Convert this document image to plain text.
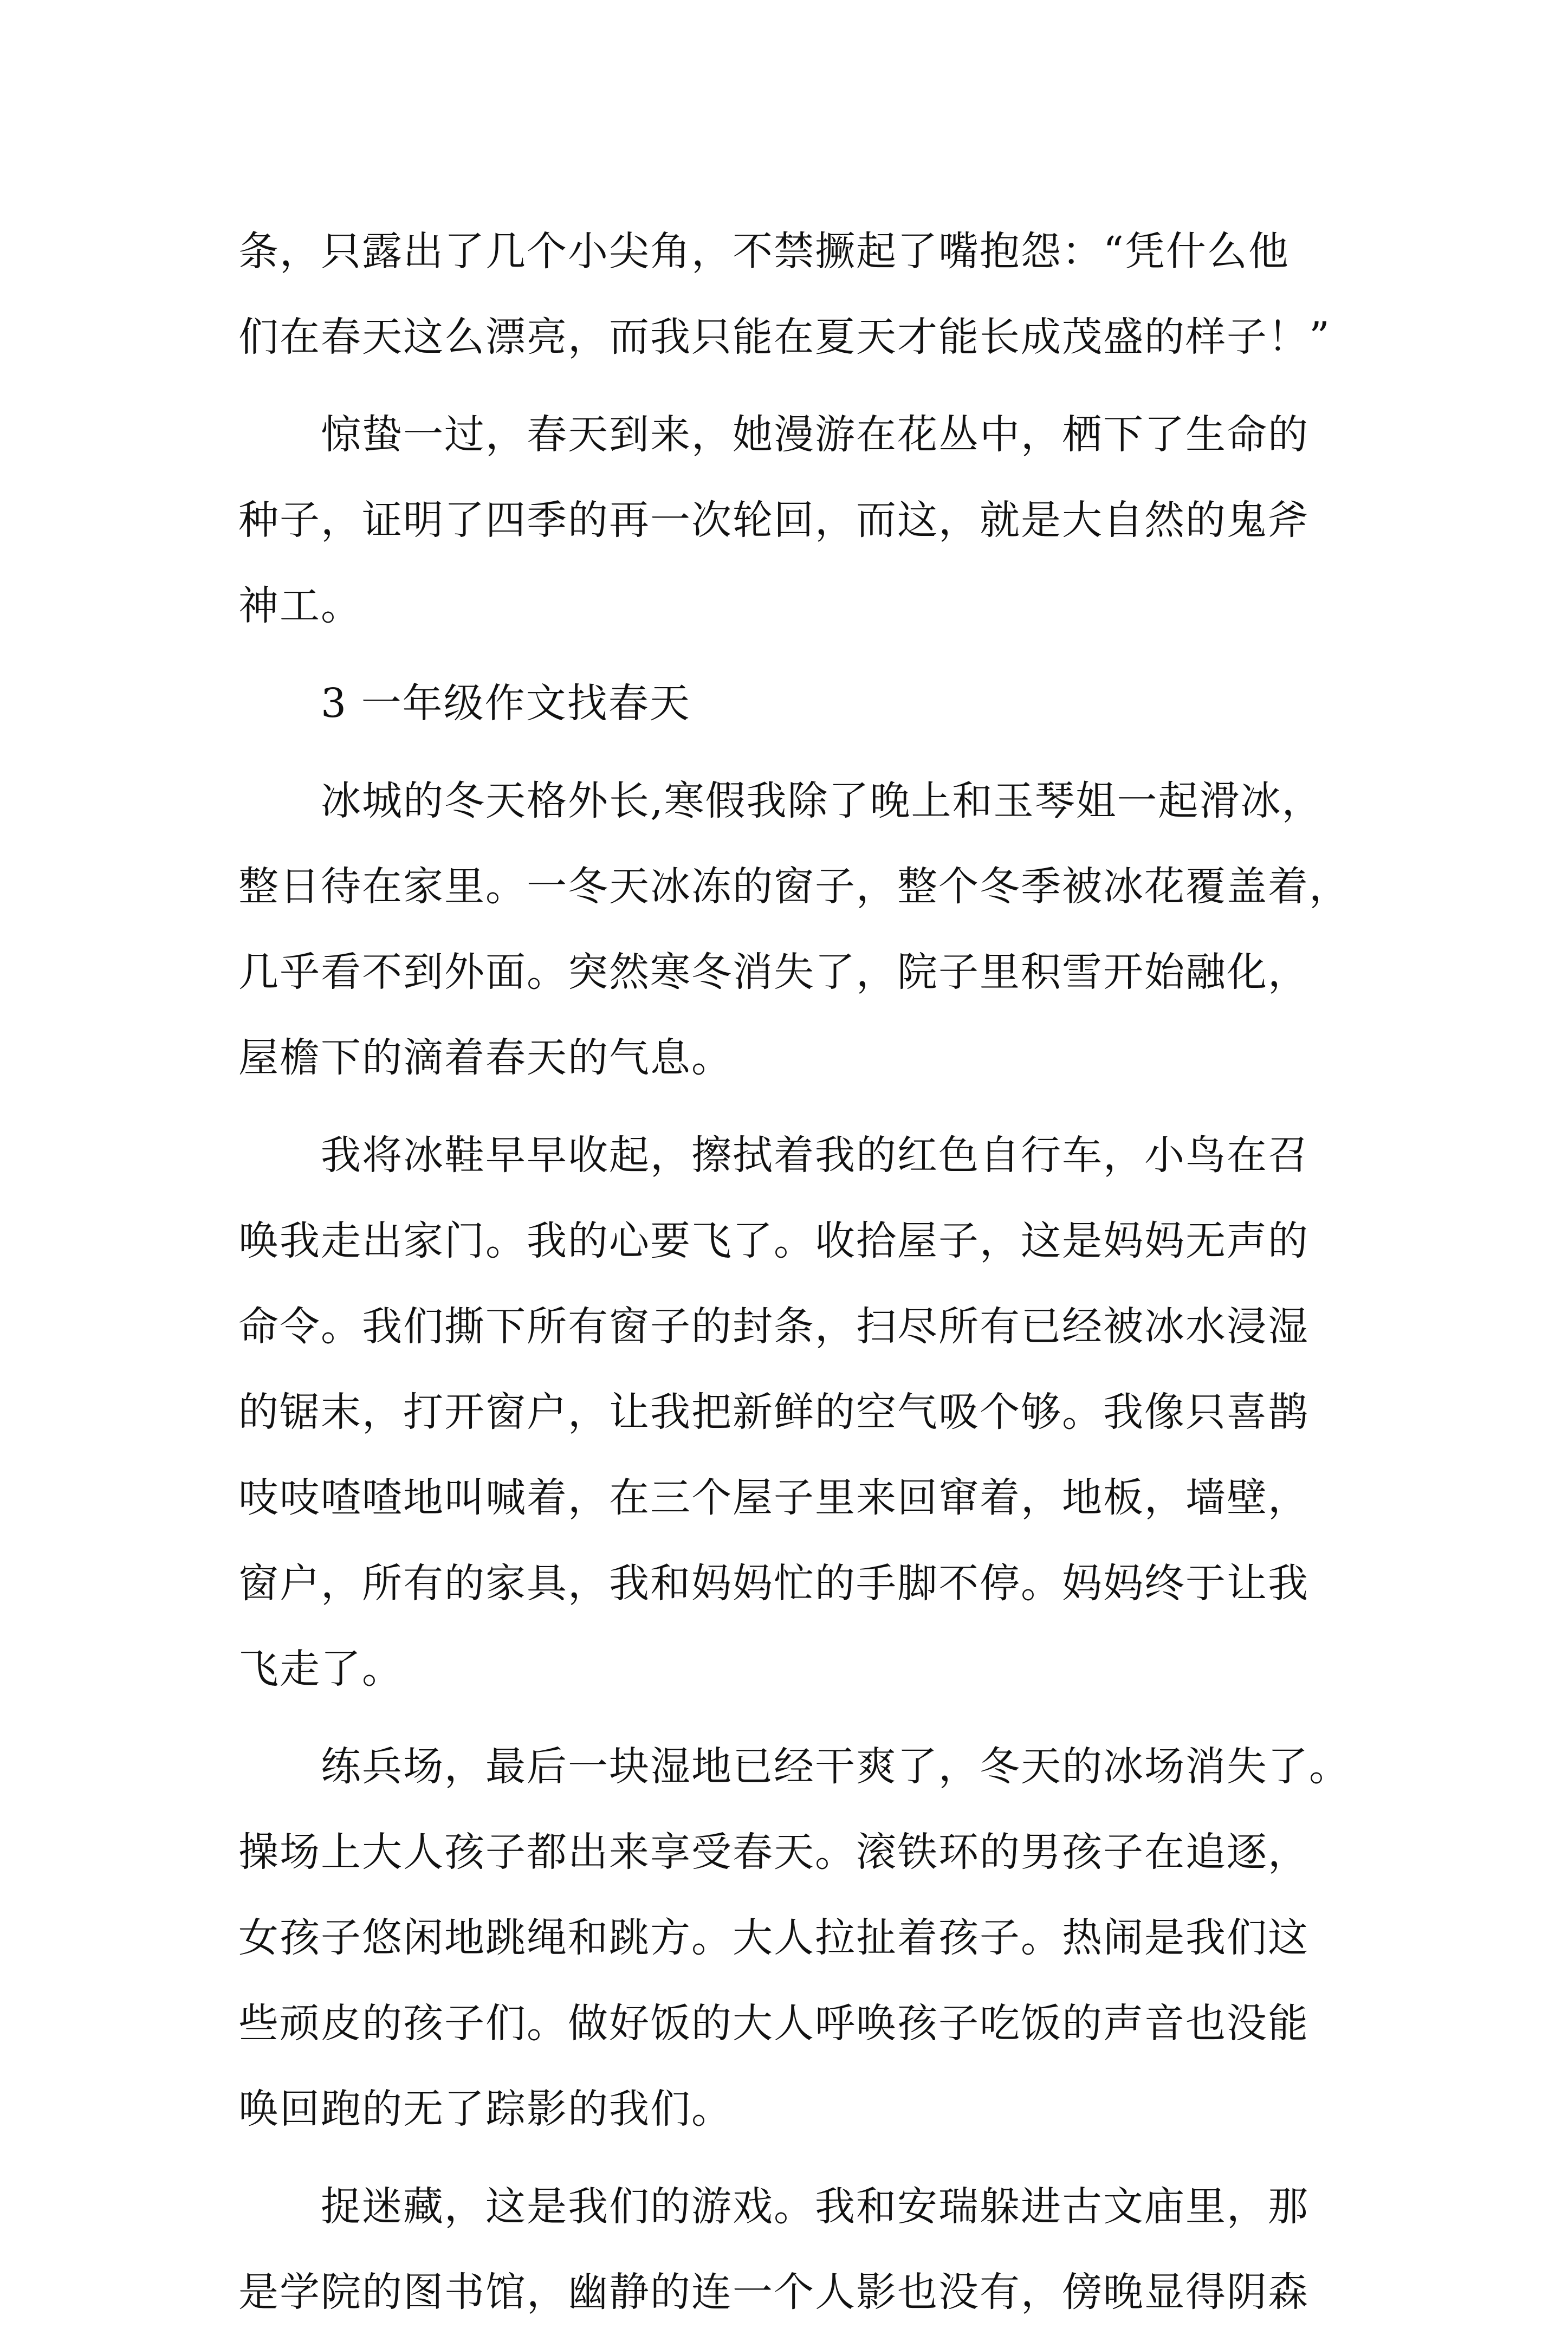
条，只露出了几个小尖角，不禁撅起了嘴抱怨：“凭什么他
们在春天这么漂亮，而我只能在夏天才能长成茂盛的样子！”
　　惊蛰一过，春天到来，她漫游在花丛中，栖下了生命的
种子，证明了四季的再一次轮回，而这，就是大自然的鬼斧
神工。
　　3 一年级作文找春天
　　冰城的冬天格外长,寒假我除了晚上和玉琴姐一起滑冰，
整日待在家里。一冬天冰冻的窗子，整个冬季被冰花覆盖着，
几乎看不到外面。突然寒冬消失了，院子里积雪开始融化，
屋檐下的滴着春天的气息。
　　我将冰鞋早早收起，擦拭着我的红色自行车，小鸟在召
唤我走出家门。我的心要飞了。收拾屋子，这是妈妈无声的
命令。我们撕下所有窗子的封条，扫尽所有已经被冰水浸湿
的锯末，打开窗户，让我把新鲜的空气吸个够。我像只喜鹊
吱吱喳喳地叫喊着，在三个屋子里来回窜着，地板，墙壁，
窗户，所有的家具，我和妈妈忙的手脚不停。妈妈终于让我
飞走了。
　　练兵场，最后一块湿地已经干爽了，冬天的冰场消失了。
操场上大人孩子都出来享受春天。滚铁环的男孩子在追逐，
女孩子悠闲地跳绳和跳方。大人拉扯着孩子。热闹是我们这
些顽皮的孩子们。做好饭的大人呼唤孩子吃饭的声音也没能
唤回跑的无了踪影的我们。
　　捉迷藏，这是我们的游戏。我和安瑞躲进古文庙里，那
是学院的图书馆，幽静的连一个人影也没有，傍晚显得阴森
